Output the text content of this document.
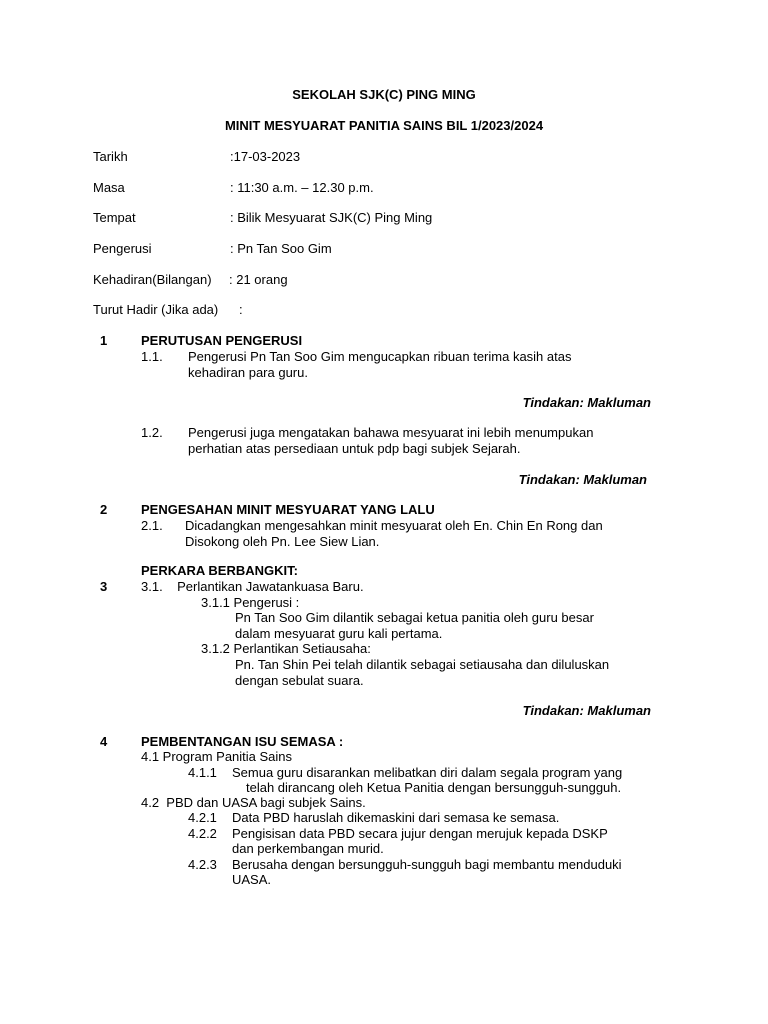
SEKOLAH SJK(C) PING MING
MINIT MESYUARAT PANITIA SAINS BIL 1/2023/2024
Tarikh	:17-03-2023
Masa	: 11:30 a.m. – 12.30 p.m.
Tempat	: Bilik Mesyuarat SJK(C) Ping Ming
Pengerusi	: Pn Tan Soo Gim
Kehadiran(Bilangan) : 21 orang
Turut Hadir (Jika ada) :
1	PERUTUSAN PENGERUSI
1.1. Pengerusi Pn Tan Soo Gim mengucapkan ribuan terima kasih atas
kehadiran para guru.
Tindakan: Makluman
1.2. Pengerusi juga mengatakan bahawa mesyuarat ini lebih menumpukan
perhatian atas persediaan untuk pdp bagi subjek Sejarah.
Tindakan: Makluman
2	PENGESAHAN MINIT MESYUARAT YANG LALU
2.1. Dicadangkan mengesahkan minit mesyuarat oleh En. Chin En Rong dan
Disokong oleh Pn. Lee Siew Lian.
PERKARA BERBANGKIT:
3	3.1.    Perlantikan Jawatankuasa Baru.
3.1.1 Pengerusi :
Pn Tan Soo Gim dilantik sebagai ketua panitia oleh guru besar
dalam mesyuarat guru kali pertama.
3.1.2 Perlantikan Setiausaha:
Pn. Tan Shin Pei telah dilantik sebagai setiausaha dan diluluskan
dengan sebulat suara.
Tindakan: Makluman
4	PEMBENTANGAN ISU SEMASA :
4.1 Program Panitia Sains
4.1.1 Semua guru disarankan melibatkan diri dalam segala program yang
telah dirancang oleh Ketua Panitia dengan bersungguh-sungguh.
4.2  PBD dan UASA bagi subjek Sains.
4.2.1 Data PBD haruslah dikemaskini dari semasa ke semasa.
4.2.2 Pengisisan data PBD secara jujur dengan merujuk kepada DSKP
dan perkembangan murid.
4.2.3 Berusaha dengan bersungguh-sungguh bagi membantu menduduki
UASA.
